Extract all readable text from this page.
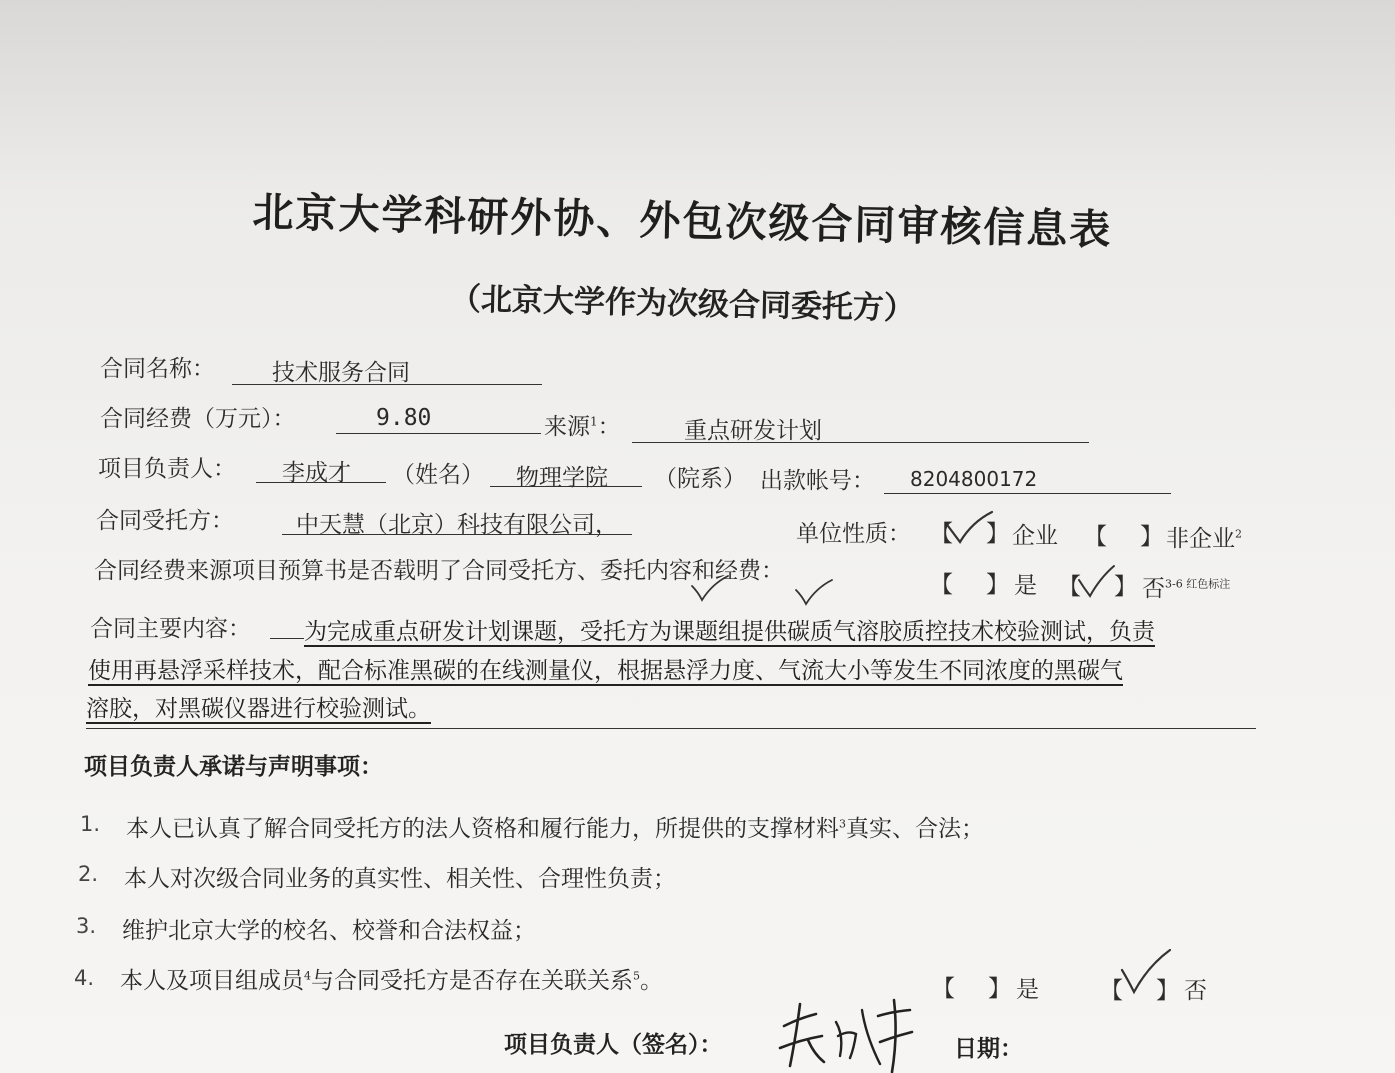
北京大学科研外协、外包次级合同审核信息表
（北京大学作为次级合同委托方）
合同名称： 技术服务合同
合同经费（万元）：	9.80	来源$^1$：	重点研发计划
项目负责人： 李成才 （姓名） 物理学院 （院系） 出款帐号： 8204800172
合同受托方：	中天慧（北京）科技有限公司，	单位性质： 【 】 企业 【 】 非企业$^2$
合同经费来源项目预算书是否载明了合同受托方、委托内容和经费：
【 】 是 【 】 否$^{3-6 红色标注}$
合同主要内容： 为完成重点研发计划课题，受托方为课题组提供碳质气溶胶质控技术校验测试，负责
使用再悬浮采样技术，配合标准黑碳的在线测量仪，根据悬浮力度、气流大小等发生不同浓度的黑碳气
溶胶，对黑碳仪器进行校验测试。
项目负责人承诺与声明事项：
1. 本人已认真了解合同受托方的法人资格和履行能力，所提供的支撑材料$^3$真实、合法；
2. 本人对次级合同业务的真实性、相关性、合理性负责；
3. 维护北京大学的校名、校誉和合法权益；
4. 本人及项目组成员$^4$与合同受托方是否存在关联关系$^5$。	【 】 是	【 】 否
项目负责人（签名）：	日期：
